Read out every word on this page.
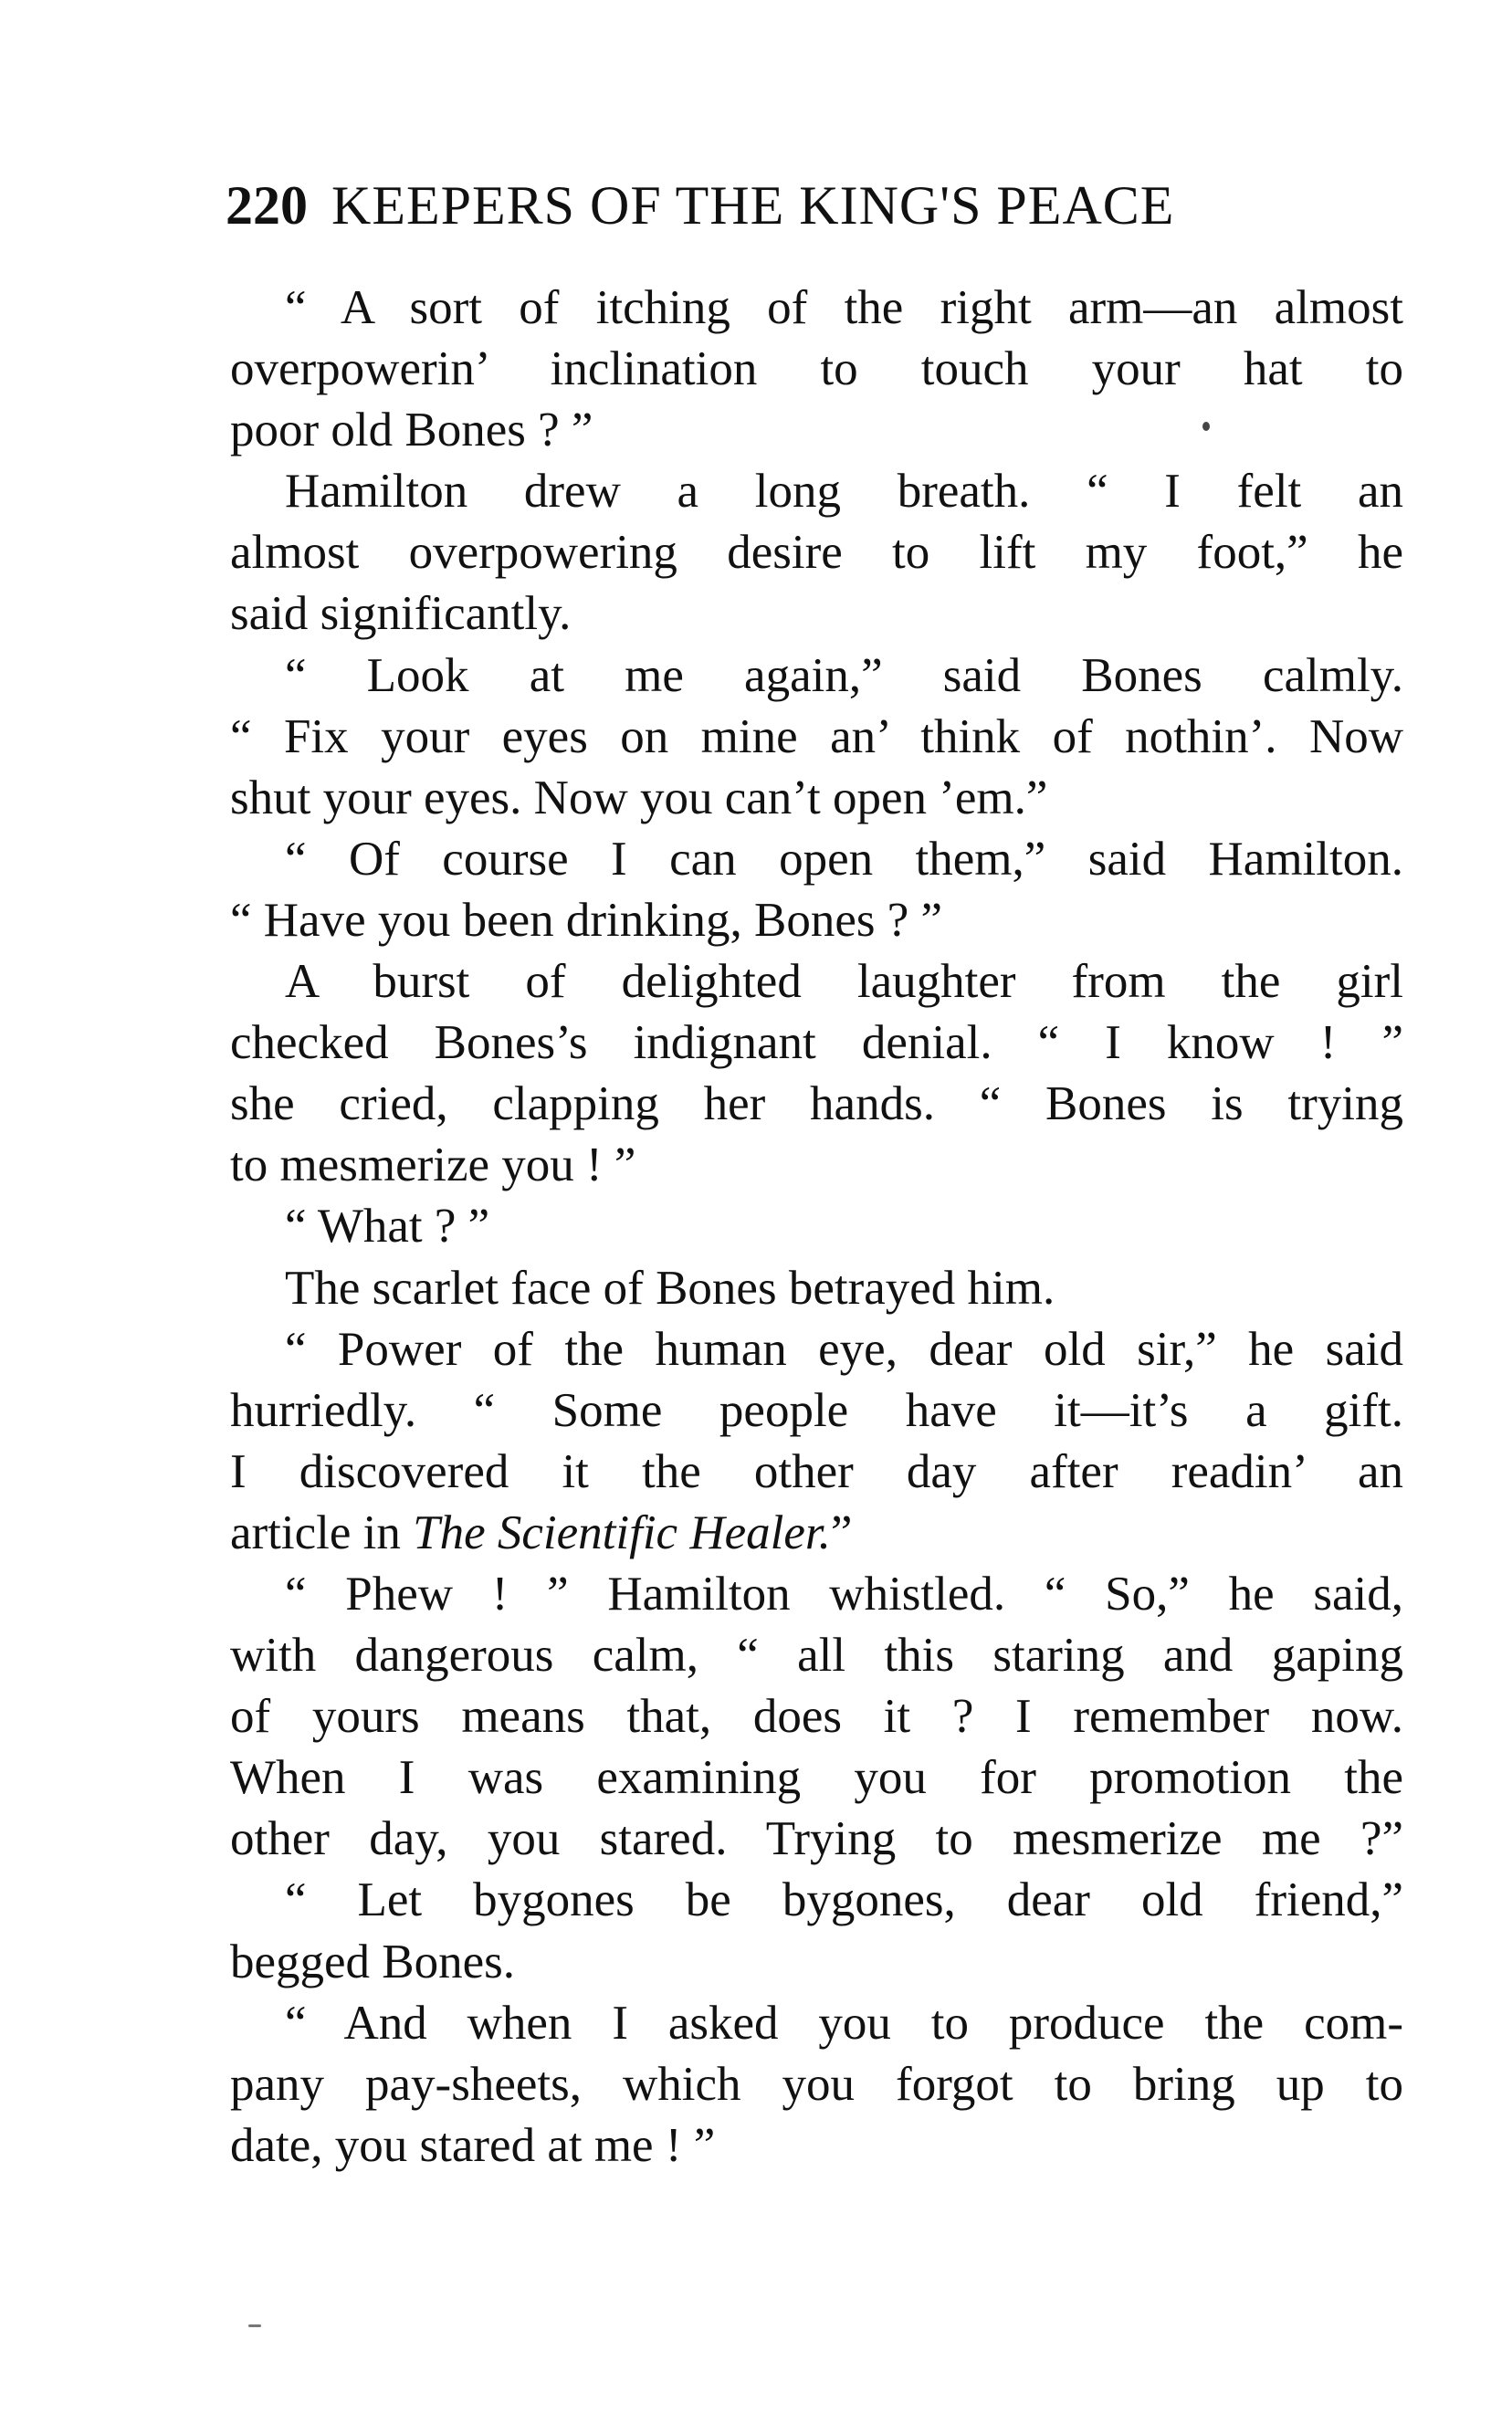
220 KEEPERS OF THE KING'S PEACE
“ A sort of itching of the right arm—an almost
overpowerin’ inclination to touch your hat to
poor old Bones ? ”
Hamilton drew a long breath. “ I felt an
almost overpowering desire to lift my foot,” he
said significantly.
“ Look at me again,” said Bones calmly.
“ Fix your eyes on mine an’ think of nothin’. Now
shut your eyes. Now you can’t open ’em.”
“ Of course I can open them,” said Hamilton.
“ Have you been drinking, Bones ? ”
A burst of delighted laughter from the girl
checked Bones’s indignant denial. “ I know ! ”
she cried, clapping her hands. “ Bones is trying
to mesmerize you ! ”
“ What ? ”
The scarlet face of Bones betrayed him.
“ Power of the human eye, dear old sir,” he said
hurriedly. “ Some people have it—it’s a gift.
I discovered it the other day after readin’ an
article in The Scientific Healer.”
“ Phew ! ” Hamilton whistled. “ So,” he said,
with dangerous calm, “ all this staring and gaping
of yours means that, does it ? I remember now.
When I was examining you for promotion the
other day, you stared. Trying to mesmerize me ?”
“ Let bygones be bygones, dear old friend,”
begged Bones.
“ And when I asked you to produce the com-
pany pay-sheets, which you forgot to bring up to
date, you stared at me ! ”
